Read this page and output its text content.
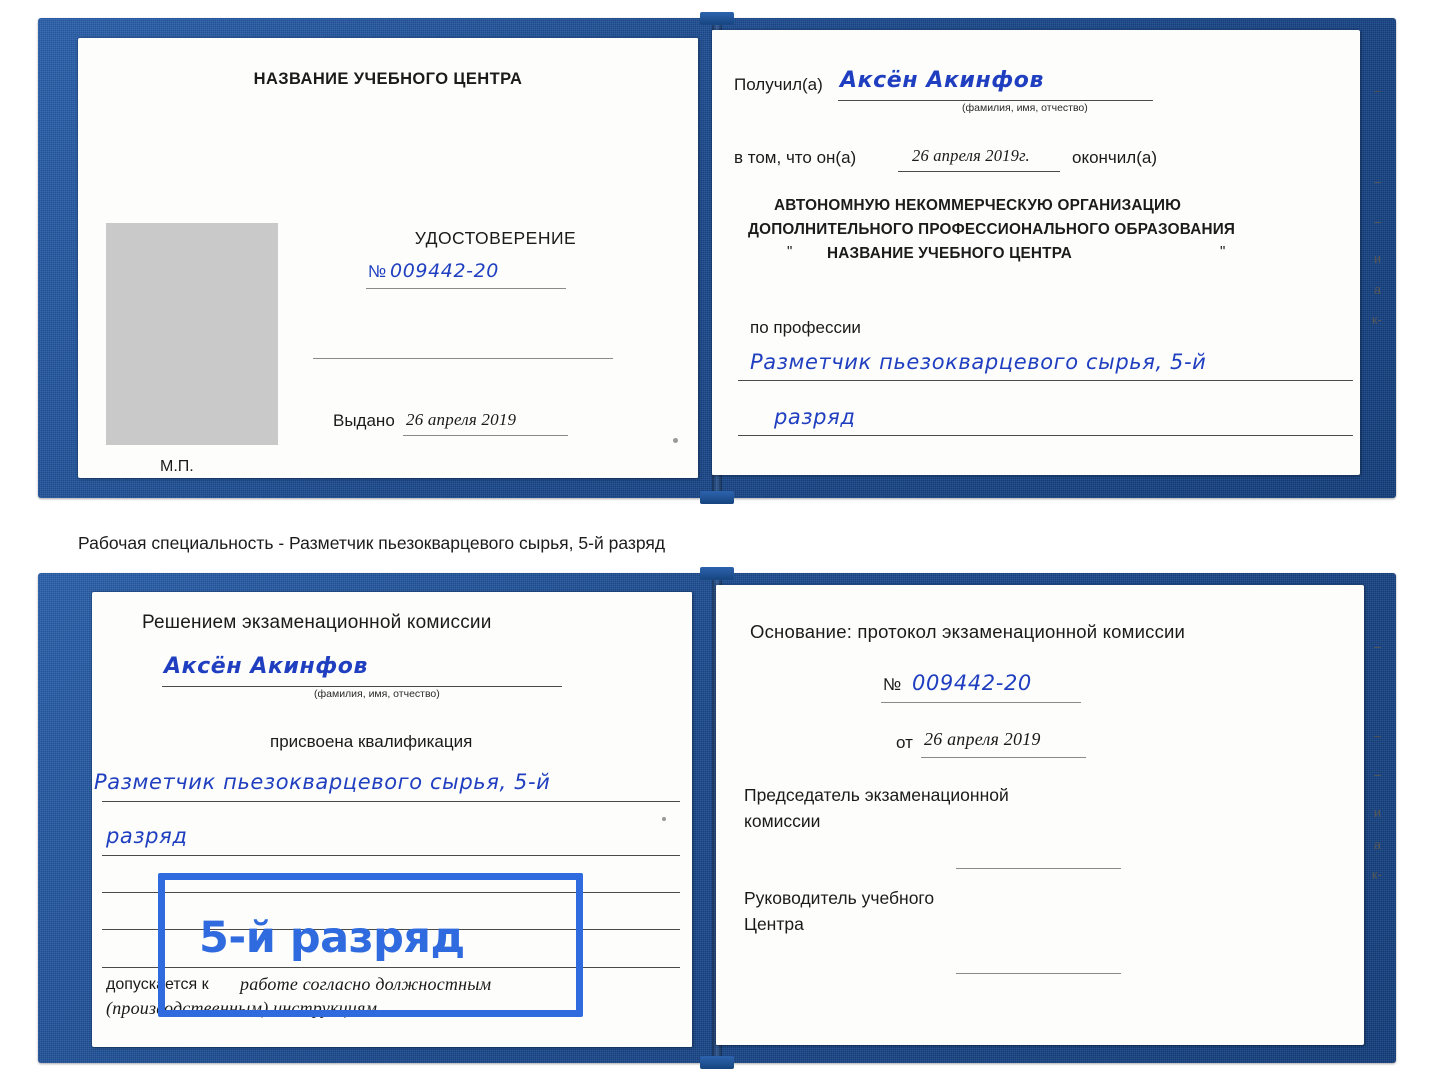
НАЗВАНИЕ УЧЕБНОГО ЦЕНТРА
УДОСТОВЕРЕНИЕ
№ 009442-20
Выдано 26 апреля 2019
М.П.
Получил(а) Аксён Акинфов
(фамилия, имя, отчество)
в том, что он(а)	26 апреля 2019г. окончил(а)
АВТОНОМНУЮ НЕКОММЕРЧЕСКУЮ ОРГАНИЗАЦИЮ
ДОПОЛНИТЕЛЬНОГО ПРОФЕССИОНАЛЬНОГО ОБРАЗОВАНИЯ
" НАЗВАНИЕ УЧЕБНОГО ЦЕНТРА	"
по профессии
Разметчик пьезокварцевого сырья, 5-й
разряд
–
–
–
и
а
к-
Рабочая специальность - Разметчик пьезокварцевого сырья, 5-й разряд
Решением экзаменационной комиссии
Аксён Акинфов
(фамилия, имя, отчество)
присвоена квалификация
Разметчик пьезокварцевого сырья, 5-й
разряд
допускается к работе согласно должностным
(производственным) инструкциям
5-й разряд
Основание: протокол экзаменационной комиссии
№ 009442-20
от 26 апреля 2019
Председатель экзаменационной
комиссии
Руководитель учебного
Центра
–
–
–
и
а
к-
